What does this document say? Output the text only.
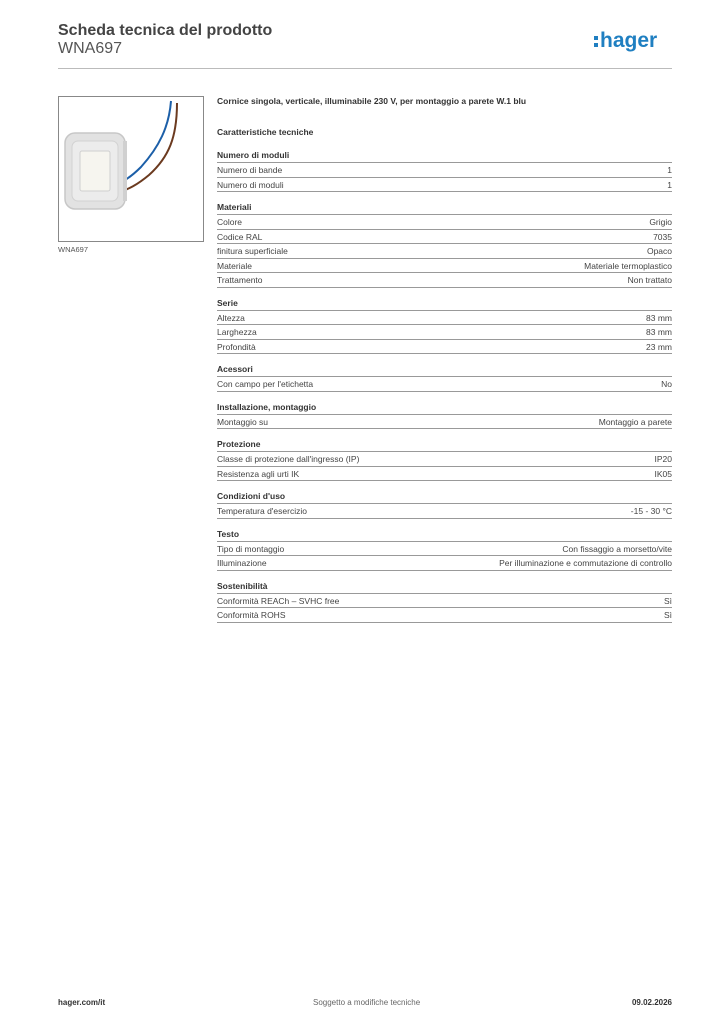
Scheda tecnica del prodotto
WNA697	hager
WNA697
Cornice singola, verticale, illuminabile 230 V, per montaggio a parete W.1 blu
Caratteristiche tecniche
Numero di moduli
Numero di bande	1
Numero di moduli	1
Materiali
Colore	Grigio
Codice RAL	7035
finitura superficiale	Opaco
Materiale	Materiale termoplastico
Trattamento	Non trattato
Serie
Altezza	83 mm
Larghezza	83 mm
Profondità	23 mm
Acessori
Con campo per l'etichetta	No
Installazione, montaggio
Montaggio su	Montaggio a parete
Protezione
Classe di protezione dall'ingresso (IP)	IP20
Resistenza agli urti IK	IK05
Condizioni d'uso
Temperatura d'esercizio	-15 - 30 °C
Testo
Tipo di montaggio	Con fissaggio a morsetto/vite
Illuminazione	Per illuminazione e commutazione di controllo
Sostenibilità
Conformità REACh – SVHC free	Sì
Conformità ROHS	Sì
hager.com/it	Soggetto a modifiche tecniche	09.02.2026
